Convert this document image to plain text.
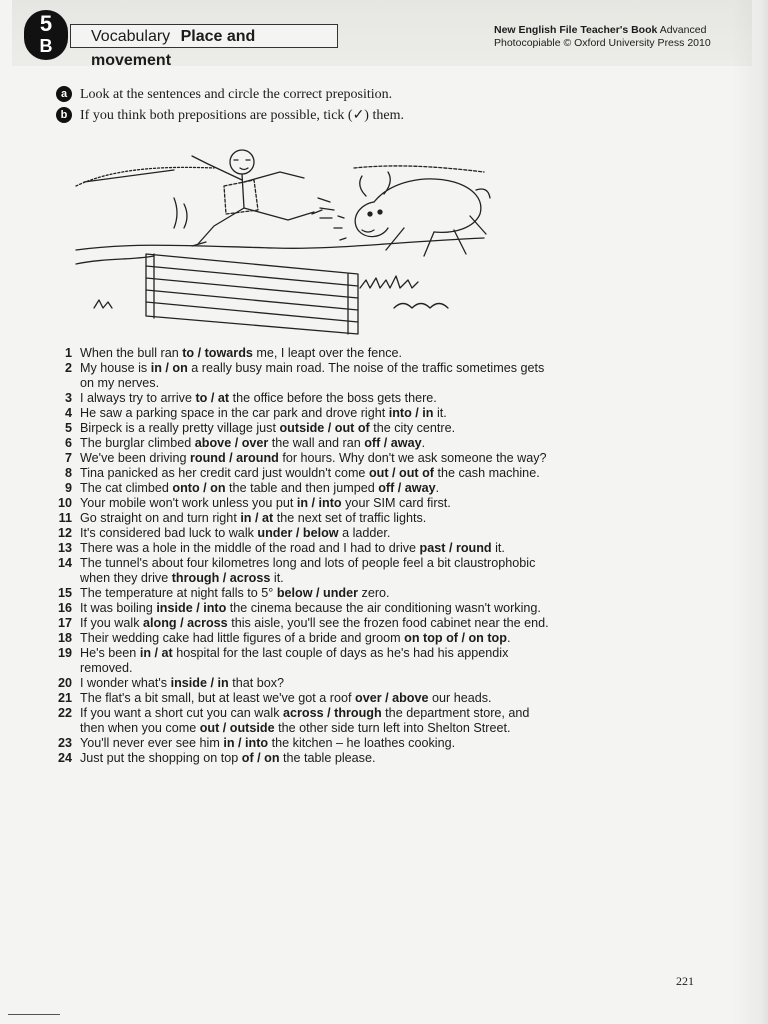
5
B	Vocabulary Place and movement
New English File Teacher's Book Advanced
Photocopiable © Oxford University Press 2010
a Look at the sentences and circle the correct preposition.
b If you think both prepositions are possible, tick (✓) them.
1 When the bull ran to / towards me, I leapt over the fence.
2 My house is in / on a really busy main road. The noise of the traffic sometimes gets on my nerves.
3 I always try to arrive to / at the office before the boss gets there.
4 He saw a parking space in the car park and drove right into / in it.
5 Birpeck is a really pretty village just outside / out of the city centre.
6 The burglar climbed above / over the wall and ran off / away.
7 We've been driving round / around for hours. Why don't we ask someone the way?
8 Tina panicked as her credit card just wouldn't come out / out of the cash machine.
9 The cat climbed onto / on the table and then jumped off / away.
10 Your mobile won't work unless you put in / into your SIM card first.
11 Go straight on and turn right in / at the next set of traffic lights.
12 It's considered bad luck to walk under / below a ladder.
13 There was a hole in the middle of the road and I had to drive past / round it.
14 The tunnel's about four kilometres long and lots of people feel a bit claustrophobic when they drive through / across it.
15 The temperature at night falls to 5° below / under zero.
16 It was boiling inside / into the cinema because the air conditioning wasn't working.
17 If you walk along / across this aisle, you'll see the frozen food cabinet near the end.
18 Their wedding cake had little figures of a bride and groom on top of / on top.
19 He's been in / at hospital for the last couple of days as he's had his appendix removed.
20 I wonder what's inside / in that box?
21 The flat's a bit small, but at least we've got a roof over / above our heads.
22 If you want a short cut you can walk across / through the department store, and then when you come out / outside the other side turn left into Shelton Street.
23 You'll never ever see him in / into the kitchen – he loathes cooking.
24 Just put the shopping on top of / on the table please.
221
